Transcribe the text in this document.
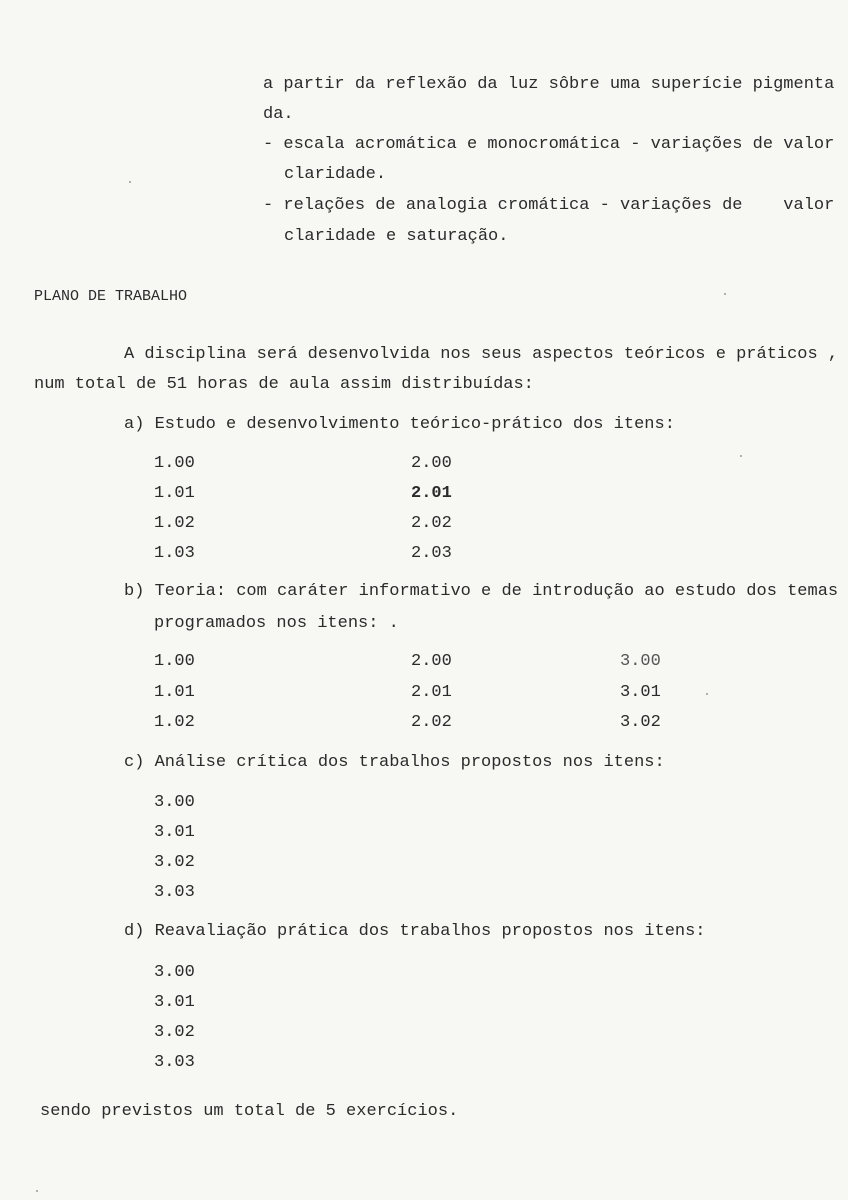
a partir da reflexão da luz sôbre uma superície pigmenta
da.
- escala acromática e monocromática - variações de valor
claridade.
- relações de analogia cromática - variações de    valor
claridade e saturação.
PLANO DE TRABALHO
A disciplina será desenvolvida nos seus aspectos teóricos e práticos ,
num total de 51 horas de aula assim distribuídas:
a) Estudo e desenvolvimento teórico-prático dos itens:
1.00
1.01
1.02
1.03
2.00
2.01
2.02
2.03
b) Teoria: com caráter informativo e de introdução ao estudo dos temas
programados nos itens: .
1.00
1.01
1.02
2.00
2.01
2.02
3.00
3.01
3.02
c) Análise crítica dos trabalhos propostos nos itens:
3.00
3.01
3.02
3.03
d) Reavaliação prática dos trabalhos propostos nos itens:
3.00
3.01
3.02
3.03
sendo previstos um total de 5 exercícios.
